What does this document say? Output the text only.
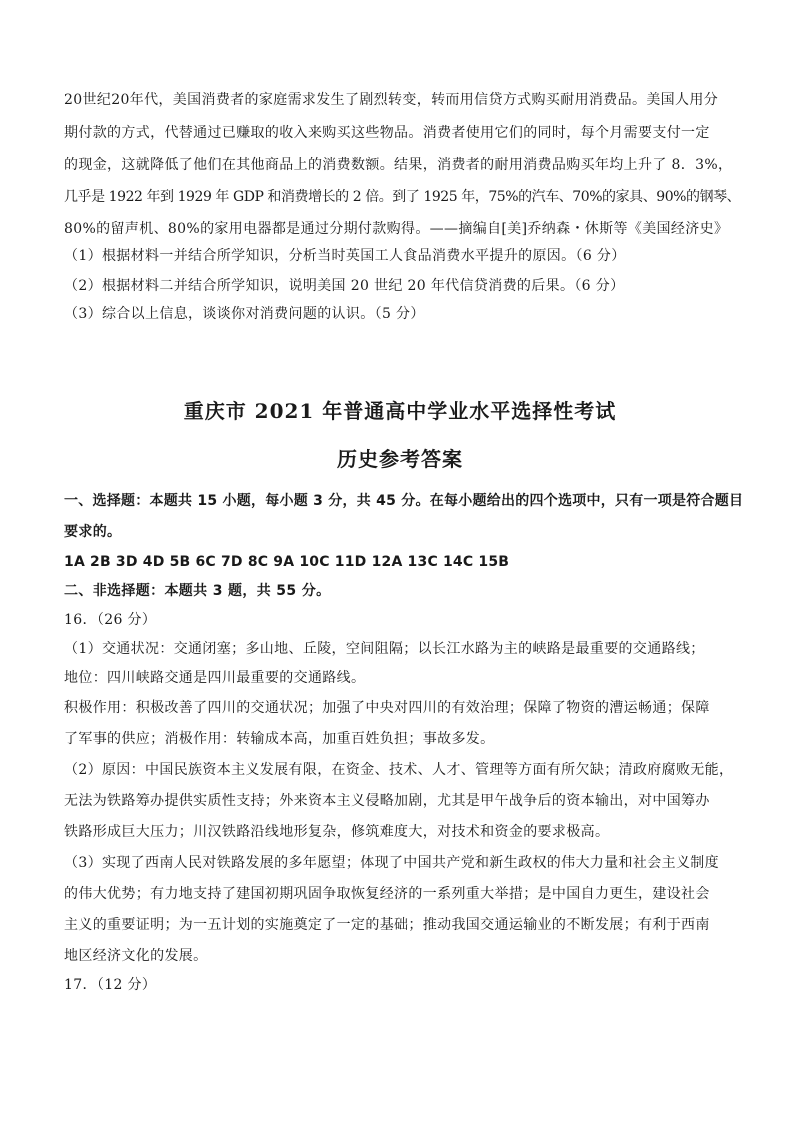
20世纪20年代，美国消费者的家庭需求发生了剧烈转变，转而用信贷方式购买耐用消费品。美国人用分
期付款的方式，代替通过已赚取的收入来购买这些物品。消费者使用它们的同时，每个月需要支付一定
的现金，这就降低了他们在其他商品上的消费数额。结果，消费者的耐用消费品购买年均上升了 8．3%，
几乎是 1922 年到 1929 年 GDP 和消费增长的 2 倍。到了 1925 年，75%的汽车、70%的家具、90%的钢琴、
80%的留声机、80%的家用电器都是通过分期付款购得。——摘编自[美]乔纳森・休斯等《美国经济史》
（1）根据材料一并结合所学知识，分析当时英国工人食品消费水平提升的原因。（6 分）
（2）根据材料二并结合所学知识，说明美国 20 世纪 20 年代信贷消费的后果。（6 分）
（3）综合以上信息，谈谈你对消费问题的认识。（5 分）
重庆市 2021 年普通高中学业水平选择性考试
历史参考答案
一、选择题：本题共 15 小题，每小题 3 分，共 45 分。在每小题给出的四个选项中，只有一项是符合题目
要求的。
1A 2B 3D 4D 5B 6C 7D 8C 9A 10C 11D 12A 13C 14C 15B
二、非选择题：本题共 3 题，共 55 分。
16．（26 分）
（1）交通状况：交通闭塞；多山地、丘陵，空间阻隔；以长江水路为主的峡路是最重要的交通路线；
地位：四川峡路交通是四川最重要的交通路线。
积极作用：积极改善了四川的交通状况；加强了中央对四川的有效治理；保障了物资的漕运畅通；保障
了军事的供应；消极作用：转输成本高，加重百姓负担；事故多发。
（2）原因：中国民族资本主义发展有限，在资金、技术、人才、管理等方面有所欠缺；清政府腐败无能，
无法为铁路筹办提供实质性支持；外来资本主义侵略加剧，尤其是甲午战争后的资本输出，对中国筹办
铁路形成巨大压力；川汉铁路沿线地形复杂，修筑难度大，对技术和资金的要求极高。
（3）实现了西南人民对铁路发展的多年愿望；体现了中国共产党和新生政权的伟大力量和社会主义制度
的伟大优势；有力地支持了建国初期巩固争取恢复经济的一系列重大举措；是中国自力更生，建设社会
主义的重要证明；为一五计划的实施奠定了一定的基础；推动我国交通运输业的不断发展；有利于西南
地区经济文化的发展。
17．（12 分）
